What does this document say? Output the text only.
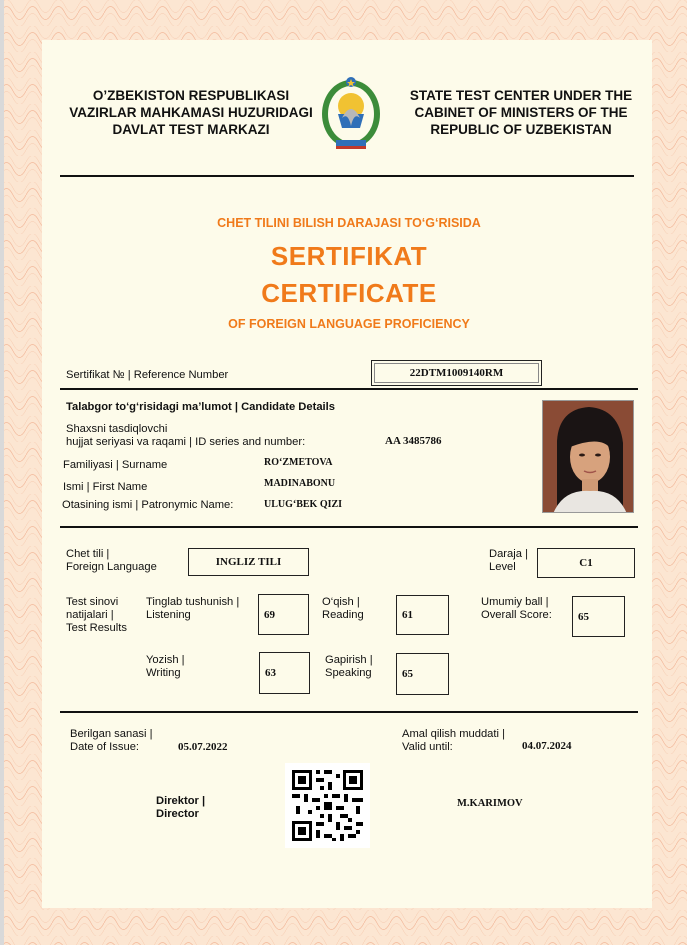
O’ZBEKISTON RESPUBLIKASI
VAZIRLAR MAHKAMASI HUZURIDAGI
DAVLAT TEST MARKAZI
STATE TEST CENTER UNDER THE
CABINET OF MINISTERS OF THE
REPUBLIC OF UZBEKISTAN
CHET TILINI BILISH DARAJASI TO‘G‘RISIDA
SERTIFIKAT
CERTIFICATE
OF FOREIGN LANGUAGE PROFICIENCY
Sertifikat № | Reference Number	22DTM1009140RM
Talabgor to‘g‘risidagi ma’lumot | Candidate Details
Shaxsni tasdiqlovchi
hujjat seriyasi va raqami | ID series and number:	AA 3485786
Familiyasi | Surname	RO‘ZMETOVA
Ismi | First Name	MADINABONU
Otasining ismi | Patronymic Name:	ULUG‘BEK QIZI
Chet tili |
Foreign Language	INGLIZ TILI
Daraja |
Level	C1
Test sinovi
natijalari |
Test Results
Tinglab tushunish |
Listening	69
O‘qish |
Reading	61
Umumiy ball |
Overall Score: 65
Yozish |
Writing	63
Gapirish |
Speaking	65
Berilgan sanasi |
Date of Issue:	05.07.2022
Amal qilish muddati |
Valid until:	04.07.2024
Direktor |
Director
M.KARIMOV
